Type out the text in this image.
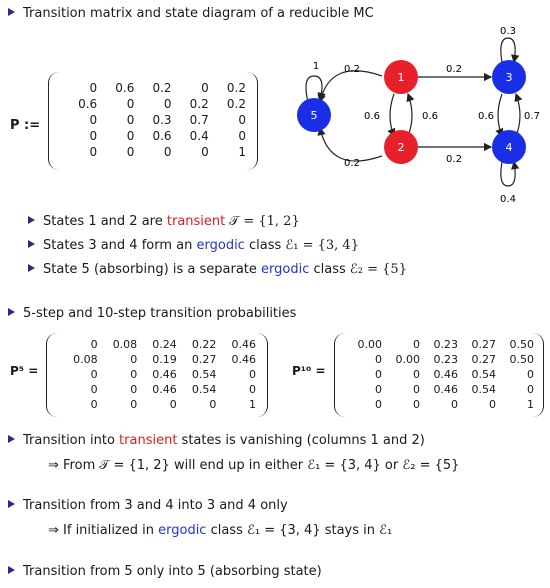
Transition matrix and state diagram of a reducible MC
P :=
0	0.6	0.2	0	0.2
0.6	0	0	0.2	0.2
0	0	0.3	0.7	0
0	0	0.6	0.4	0
0	0	0	0	1
5
1
2
3
4
1 0.2
0.6	0.6
0.2
0.3
0.7
0.6
0.2	0.2
0.4
States 1 and 2 are transient 𝒯 = {1, 2}
States 3 and 4 form an ergodic class ℰ₁ = {3, 4}
State 5 (absorbing) is a separate ergodic class ℰ₂ = {5}
5-step and 10-step transition probabilities
P⁵ =
0	0.08	0.24	0.22	0.46
0.08	0	0.19	0.27	0.46
0	0	0.46	0.54	0
0	0	0.46	0.54	0
0	0	0	0	1
P¹⁰ =
0.00	0	0.23	0.27	0.50
0	0.00	0.23	0.27	0.50
0	0	0.46	0.54	0
0	0	0.46	0.54	0
0	0	0	0	1
Transition into transient states is vanishing (columns 1 and 2)
⇒ From 𝒯 = {1, 2} will end up in either ℰ₁ = {3, 4} or ℰ₂ = {5}
Transition from 3 and 4 into 3 and 4 only
⇒ If initialized in ergodic class ℰ₁ = {3, 4} stays in ℰ₁
Transition from 5 only into 5 (absorbing state)
